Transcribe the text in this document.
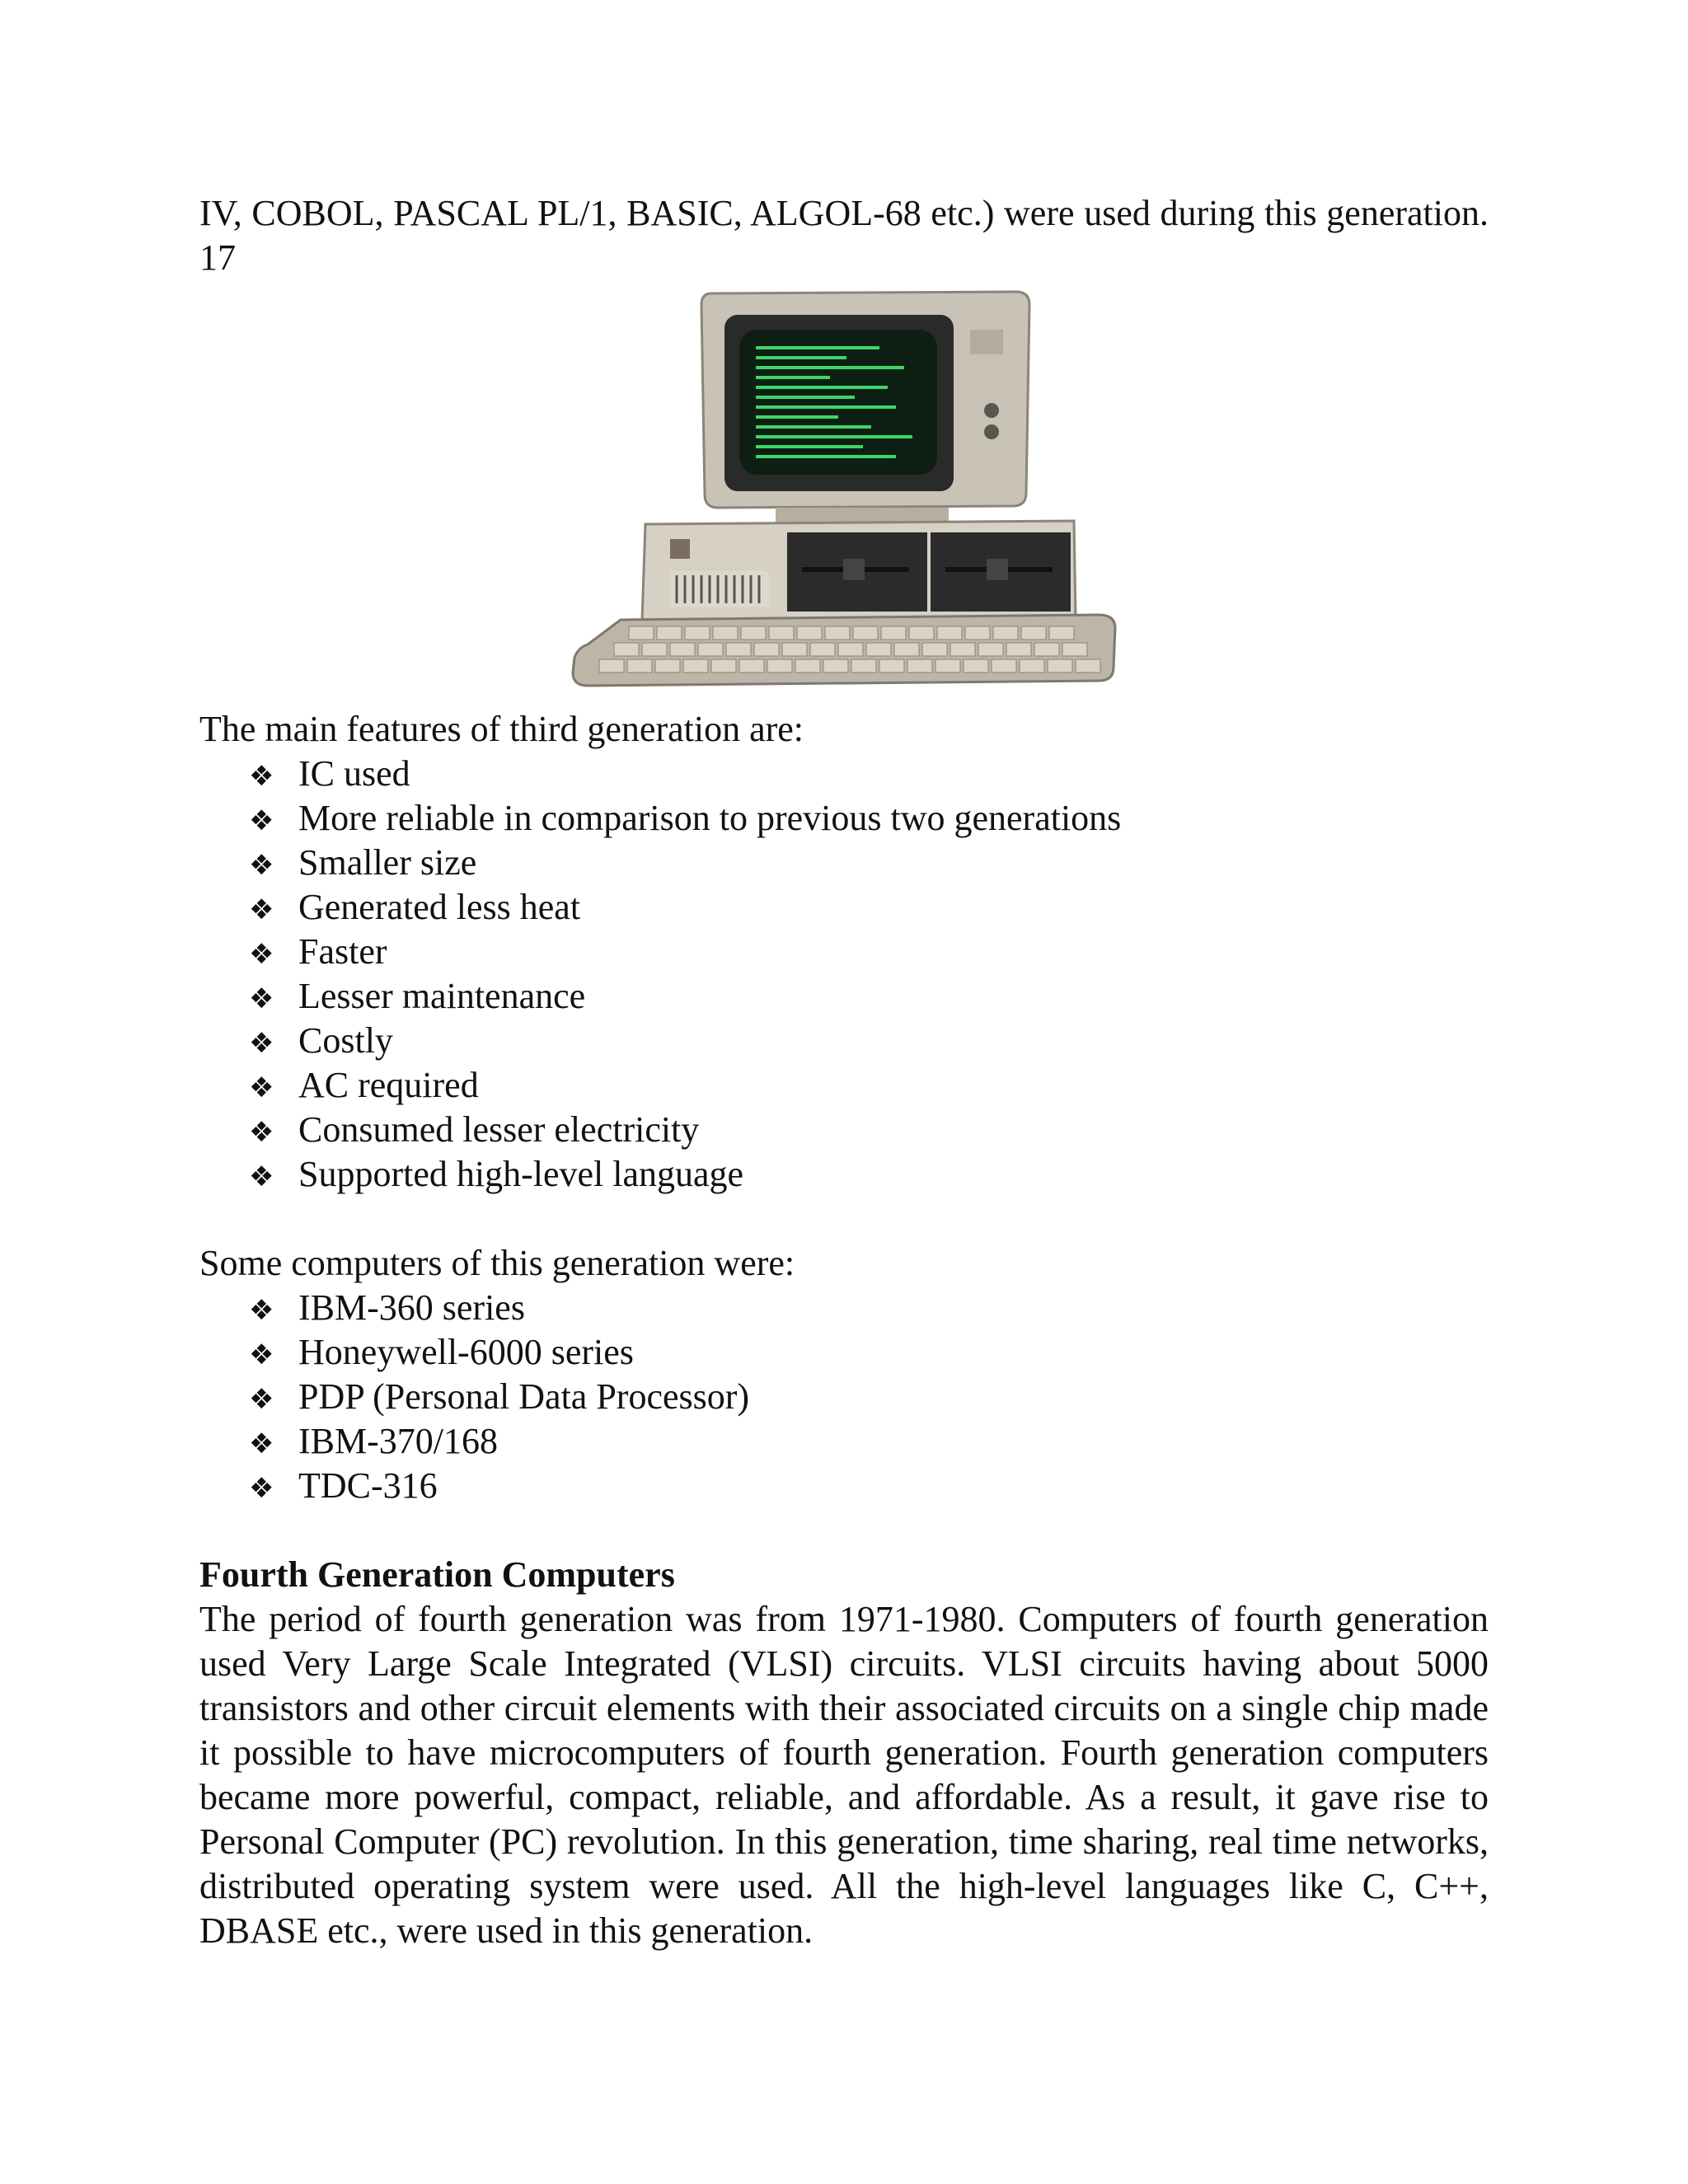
IV, COBOL, PASCAL PL/1, BASIC, ALGOL-68 etc.) were used during this generation. 17

The main features of third generation are:

❖ IC used
❖ More reliable in comparison to previous two generations
❖ Smaller size
❖ Generated less heat
❖ Faster
❖ Lesser maintenance
❖ Costly
❖ AC required
❖ Consumed lesser electricity
❖ Supported high-level language

Some computers of this generation were:

❖ IBM-360 series
❖ Honeywell-6000 series
❖ PDP (Personal Data Processor)
❖ IBM-370/168
❖ TDC-316

Fourth Generation Computers

The period of fourth generation was from 1971-1980. Computers of fourth generation used Very Large Scale Integrated (VLSI) circuits. VLSI circuits having about 5000 transistors and other circuit elements with their associated circuits on a single chip made it possible to have microcomputers of fourth generation. Fourth generation computers became more powerful, compact, reliable, and affordable. As a result, it gave rise to Personal Computer (PC) revolution. In this generation, time sharing, real time networks, distributed operating system were used. All the high-level languages like C, C++, DBASE etc., were used in this generation.
